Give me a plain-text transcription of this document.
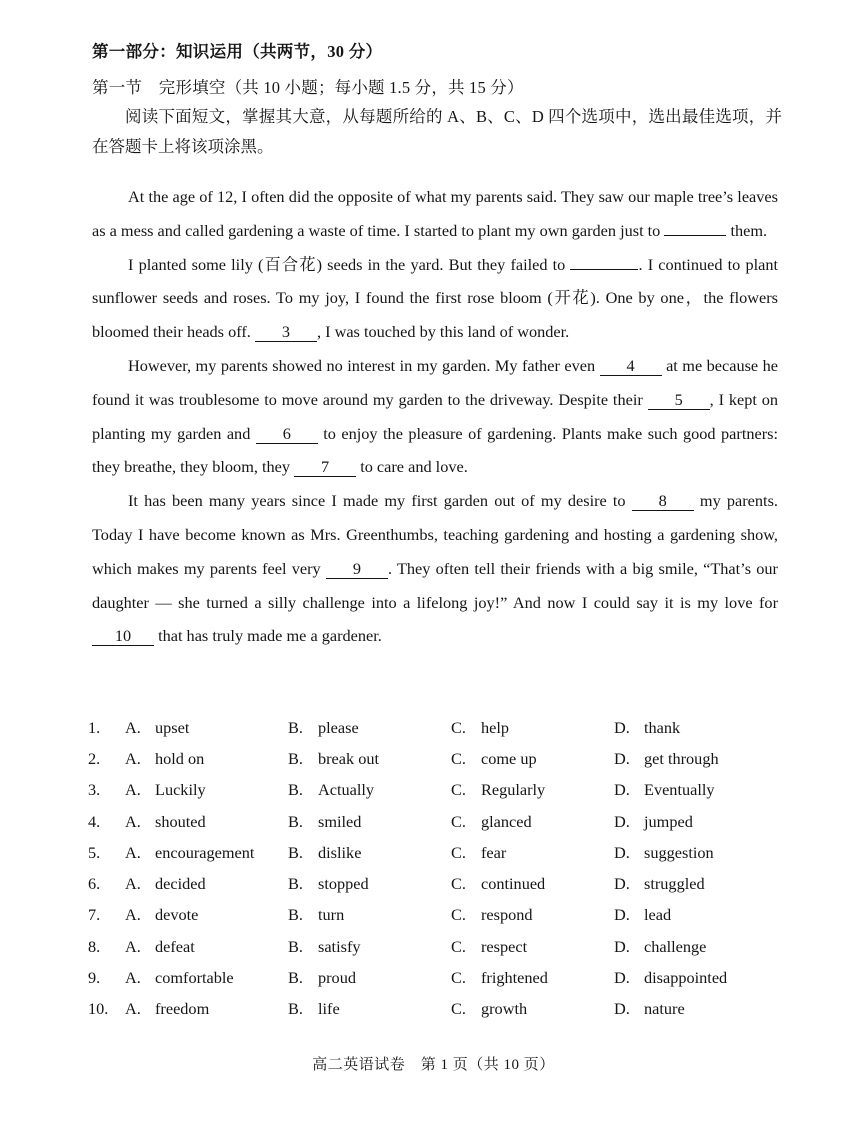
第一部分：知识运用（共两节，30 分）
第一节　完形填空（共 10 小题；每小题 1.5 分，共 15 分）
阅读下面短文，掌握其大意，从每题所给的 A、B、C、D 四个选项中，选出最佳选项，并在答题卡上将该项涂黑。

At the age of 12, I often did the opposite of what my parents said. They saw our maple tree’s leaves as a mess and called gardening a waste of time. I started to plant my own garden just to	them.

I planted some lily (百合花) seeds in the yard. But they failed to	. I continued to plant sunflower seeds and roses. To my joy, I found the first rose bloom (开花). One by one，the flowers bloomed their heads off. 3 , I was touched by this land of wonder.

However, my parents showed no interest in my garden. My father even 4 at me because he found it was troublesome to move around my garden to the driveway. Despite their 5 , I kept on planting my garden and 6 to enjoy the pleasure of gardening. Plants make such good partners: they breathe, they bloom, they 7 to care and love.

It has been many years since I made my first garden out of my desire to 8 my parents. Today I have become known as Mrs. Greenthumbs, teaching gardening and hosting a gardening show, which makes my parents feel very 9 . They often tell their friends with a big smile, “That’s our daughter — she turned a silly challenge into a lifelong joy!” And now I could say it is my love for 10 that has truly made me a gardener.

1.	A. upset	B. please	C. help	D. thank
2.	A. hold on	B. break out	C. come up	D. get through
3.	A. Luckily	B. Actually	C. Regularly	D. Eventually
4.	A. shouted	B. smiled	C. glanced	D. jumped
5.	A. encouragement B. dislike	C. fear	D. suggestion
6.	A. decided	B. stopped	C. continued	D. struggled
7.	A. devote	B. turn	C. respond	D. lead
8.	A. defeat	B. satisfy	C. respect	D. challenge
9.	A. comfortable	B. proud	C. frightened	D. disappointed
10.	A. freedom	B. life	C. growth	D. nature
高二英语试卷　第 1 页（共 10 页）
